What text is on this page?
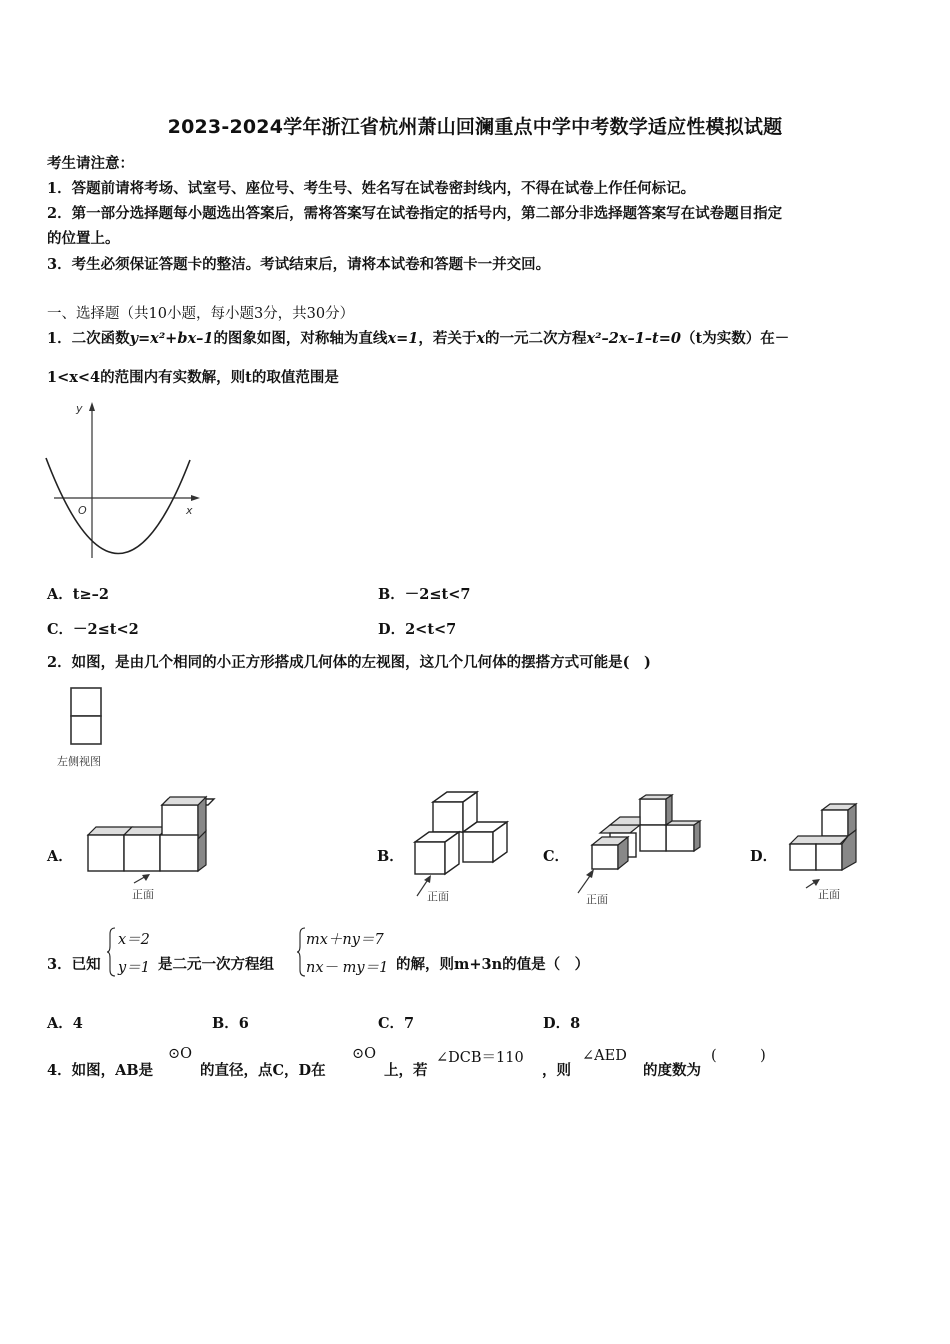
2023-2024学年浙江省杭州萧山回澜重点中学中考数学适应性模拟试题
考生请注意：
1．答题前请将考场、试室号、座位号、考生号、姓名写在试卷密封线内，不得在试卷上作任何标记。
2．第一部分选择题每小题选出答案后，需将答案写在试卷指定的括号内，第二部分非选择题答案写在试卷题目指定
的位置上。
3．考生必须保证答题卡的整洁。考试结束后，请将本试卷和答题卡一并交回。
一、选择题（共10小题，每小题3分，共30分）
1．二次函数y=x²+bx–1的图象如图，对称轴为直线x=1，若关于x的一元二次方程x²–2x–1–t=0（t为实数）在－
1<x<4的范围内有实数解，则t的取值范围是
y
x
O
A．t≥–2	B．－2≤t<7
C．－2≤t<2	D．2<t<7
2．如图，是由几个相同的小正方形搭成几何体的左视图，这几个几何体的摆搭方式可能是(　)
左侧视图
A．
正面
B．
正面
C．
正面
D．
正面
3．已知
x＝2
y＝1 是二元一次方程组
mx＋ny＝7
nx－ my＝1 的解，则m+3n的值是（　）
A．4	B．6	C．7	D．8
4．如图，AB是
⊙O
的直径，点C，D在
⊙O
上，若
∠DCB＝110
，则
∠AED
的度数为
(　　　)
